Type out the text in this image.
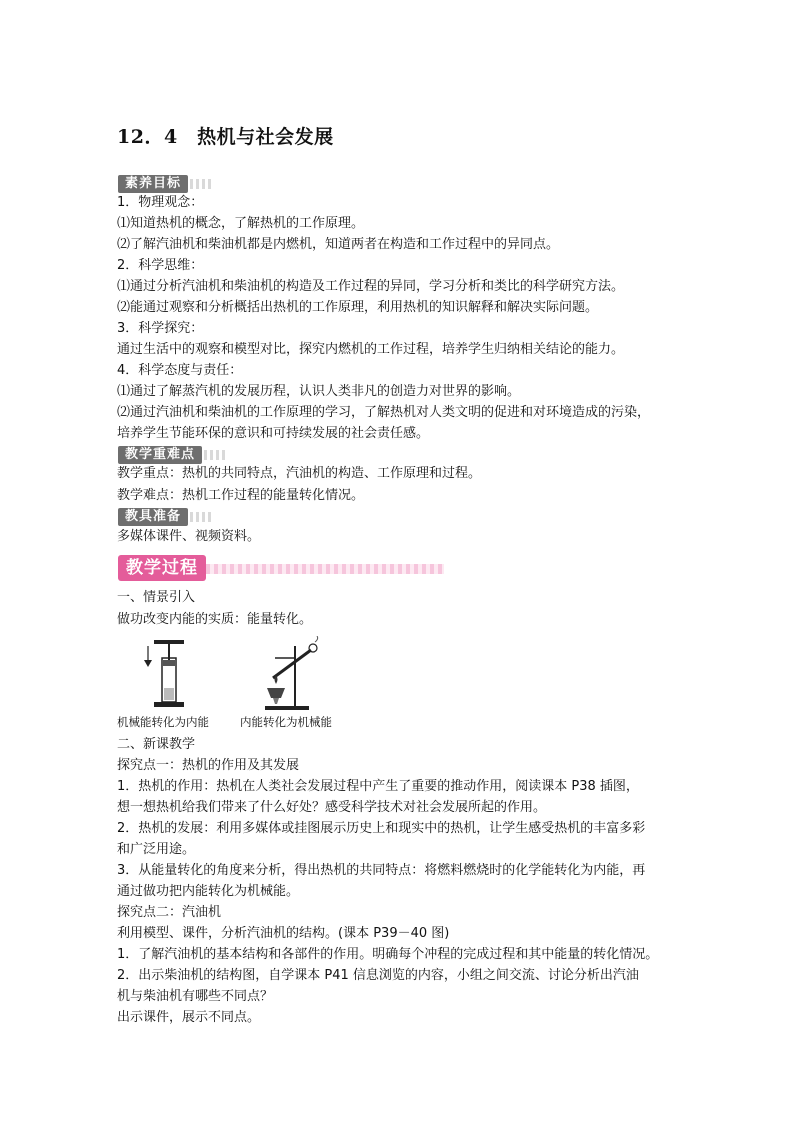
12．4　热机与社会发展
素养目标
1．物理观念：
⑴知道热机的概念，了解热机的工作原理。
⑵了解汽油机和柴油机都是内燃机，知道两者在构造和工作过程中的异同点。
2．科学思维：
⑴通过分析汽油机和柴油机的构造及工作过程的异同，学习分析和类比的科学研究方法。
⑵能通过观察和分析概括出热机的工作原理，利用热机的知识解释和解决实际问题。
3．科学探究：
通过生活中的观察和模型对比，探究内燃机的工作过程，培养学生归纳相关结论的能力。
4．科学态度与责任：
⑴通过了解蒸汽机的发展历程，认识人类非凡的创造力对世界的影响。
⑵通过汽油机和柴油机的工作原理的学习，了解热机对人类文明的促进和对环境造成的污染，
培养学生节能环保的意识和可持续发展的社会责任感。
教学重难点
教学重点：热机的共同特点，汽油机的构造、工作原理和过程。
教学难点：热机工作过程的能量转化情况。
教具准备
多媒体课件、视频资料。
教学过程
一、情景引入
做功改变内能的实质：能量转化。
机械能转化为内能	内能转化为机械能
二、新课教学
探究点一：热机的作用及其发展
1．热机的作用：热机在人类社会发展过程中产生了重要的推动作用，阅读课本 P38 插图，
想一想热机给我们带来了什么好处？感受科学技术对社会发展所起的作用。
2．热机的发展：利用多媒体或挂图展示历史上和现实中的热机，让学生感受热机的丰富多彩
和广泛用途。
3．从能量转化的角度来分析，得出热机的共同特点：将燃料燃烧时的化学能转化为内能，再
通过做功把内能转化为机械能。
探究点二：汽油机
利用模型、课件，分析汽油机的结构。(课本 P39－40 图)
1．了解汽油机的基本结构和各部件的作用。明确每个冲程的完成过程和其中能量的转化情况。
2．出示柴油机的结构图，自学课本 P41 信息浏览的内容，小组之间交流、讨论分析出汽油
机与柴油机有哪些不同点？
出示课件，展示不同点。
